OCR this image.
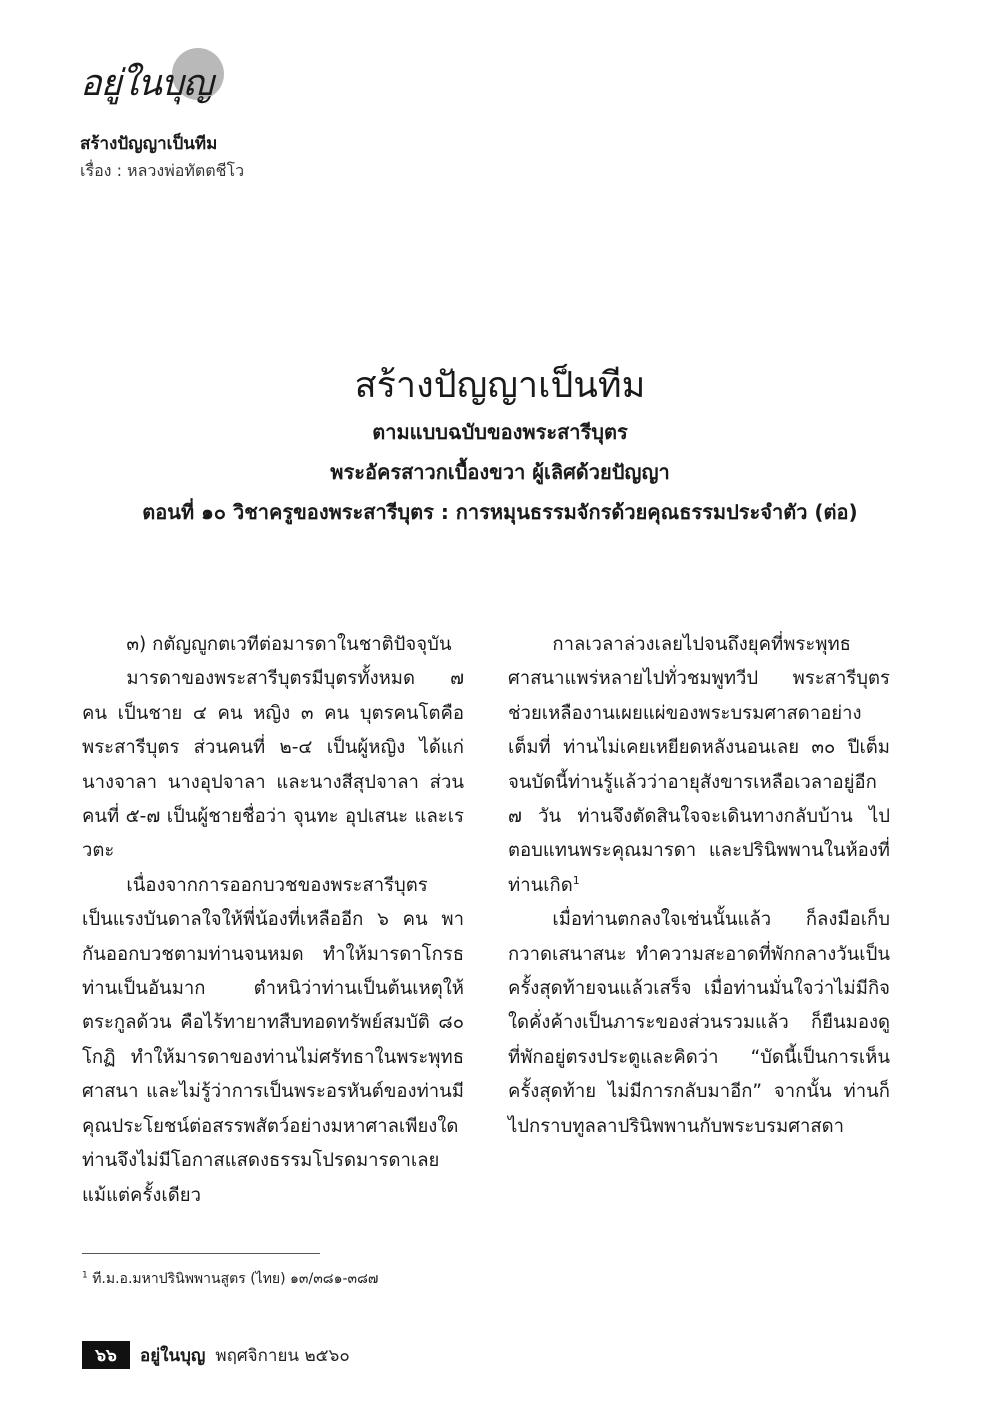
อยู่ในบุญ
สร้างปัญญาเป็นทีม
เรื่อง : หลวงพ่อทัตตชีโว
สร้างปัญญาเป็นทีม
ตามแบบฉบับของพระสารีบุตร
พระอัครสาวกเบื้องขวา ผู้เลิศด้วยปัญญา
ตอนที่ ๑๐ วิชาครูของพระสารีบุตร : การหมุนธรรมจักรด้วยคุณธรรมประจำตัว (ต่อ)

๓) กตัญญูกตเวทีต่อมารดาในชาติปัจจุบัน

มารดาของพระสารีบุตรมีบุตรทั้งหมด ๗ คน เป็นชาย ๔ คน หญิง ๓ คน บุตรคนโตคือ พระสารีบุตร ส่วนคนที่ ๒-๔ เป็นผู้หญิง ได้แก่ นางจาลา นางอุปจาลา และนางสีสุปจาลา ส่วนคนที่ ๕-๗ เป็นผู้ชายชื่อว่า จุนทะ อุปเสนะ และเรวตะ

เนื่องจากการออกบวชของพระสารีบุตร เป็นแรงบันดาลใจให้พี่น้องที่เหลืออีก ๖ คน พากันออกบวชตามท่านจนหมด ทำให้มารดาโกรธท่านเป็นอันมาก ตำหนิว่าท่านเป็นต้นเหตุให้ตระกูลด้วน คือไร้ทายาทสืบทอดทรัพย์สมบัติ ๘๐ โกฏิ ทำให้มารดาของท่านไม่ศรัทธาในพระพุทธศาสนา และไม่รู้ว่าการเป็นพระอรหันต์ของท่านมีคุณประโยชน์ต่อสรรพสัตว์อย่างมหาศาลเพียงใด ท่านจึงไม่มีโอกาสแสดงธรรมโปรดมารดาเลยแม้แต่ครั้งเดียว

กาลเวลาล่วงเลยไปจนถึงยุคที่พระพุทธศาสนาแพร่หลายไปทั่วชมพูทวีป พระสารีบุตรช่วยเหลืองานเผยแผ่ของพระบรมศาสดาอย่างเต็มที่ ท่านไม่เคยเหยียดหลังนอนเลย ๓๐ ปีเต็ม จนบัดนี้ท่านรู้แล้วว่าอายุสังขารเหลือเวลาอยู่อีก ๗ วัน ท่านจึงตัดสินใจจะเดินทางกลับบ้าน ไปตอบแทนพระคุณมารดา และปรินิพพานในห้องที่ท่านเกิด$^1$

เมื่อท่านตกลงใจเช่นนั้นแล้ว ก็ลงมือเก็บกวาดเสนาสนะ ทำความสะอาดที่พักกลางวันเป็นครั้งสุดท้ายจนแล้วเสร็จ เมื่อท่านมั่นใจว่าไม่มีกิจใดคั่งค้างเป็นภาระของส่วนรวมแล้ว ก็ยืนมองดูที่พักอยู่ตรงประตูและคิดว่า “บัดนี้เป็นการเห็นครั้งสุดท้าย ไม่มีการกลับมาอีก” จากนั้น ท่านก็ไปกราบทูลลาปรินิพพานกับพระบรมศาสดา

$^1$ ที.ม.อ.มหาปรินิพพานสูตร (ไทย) ๑๓/๓๘๑-๓๘๗
๖๖	อยู่ในบุญ พฤศจิกายน ๒๕๖๐
